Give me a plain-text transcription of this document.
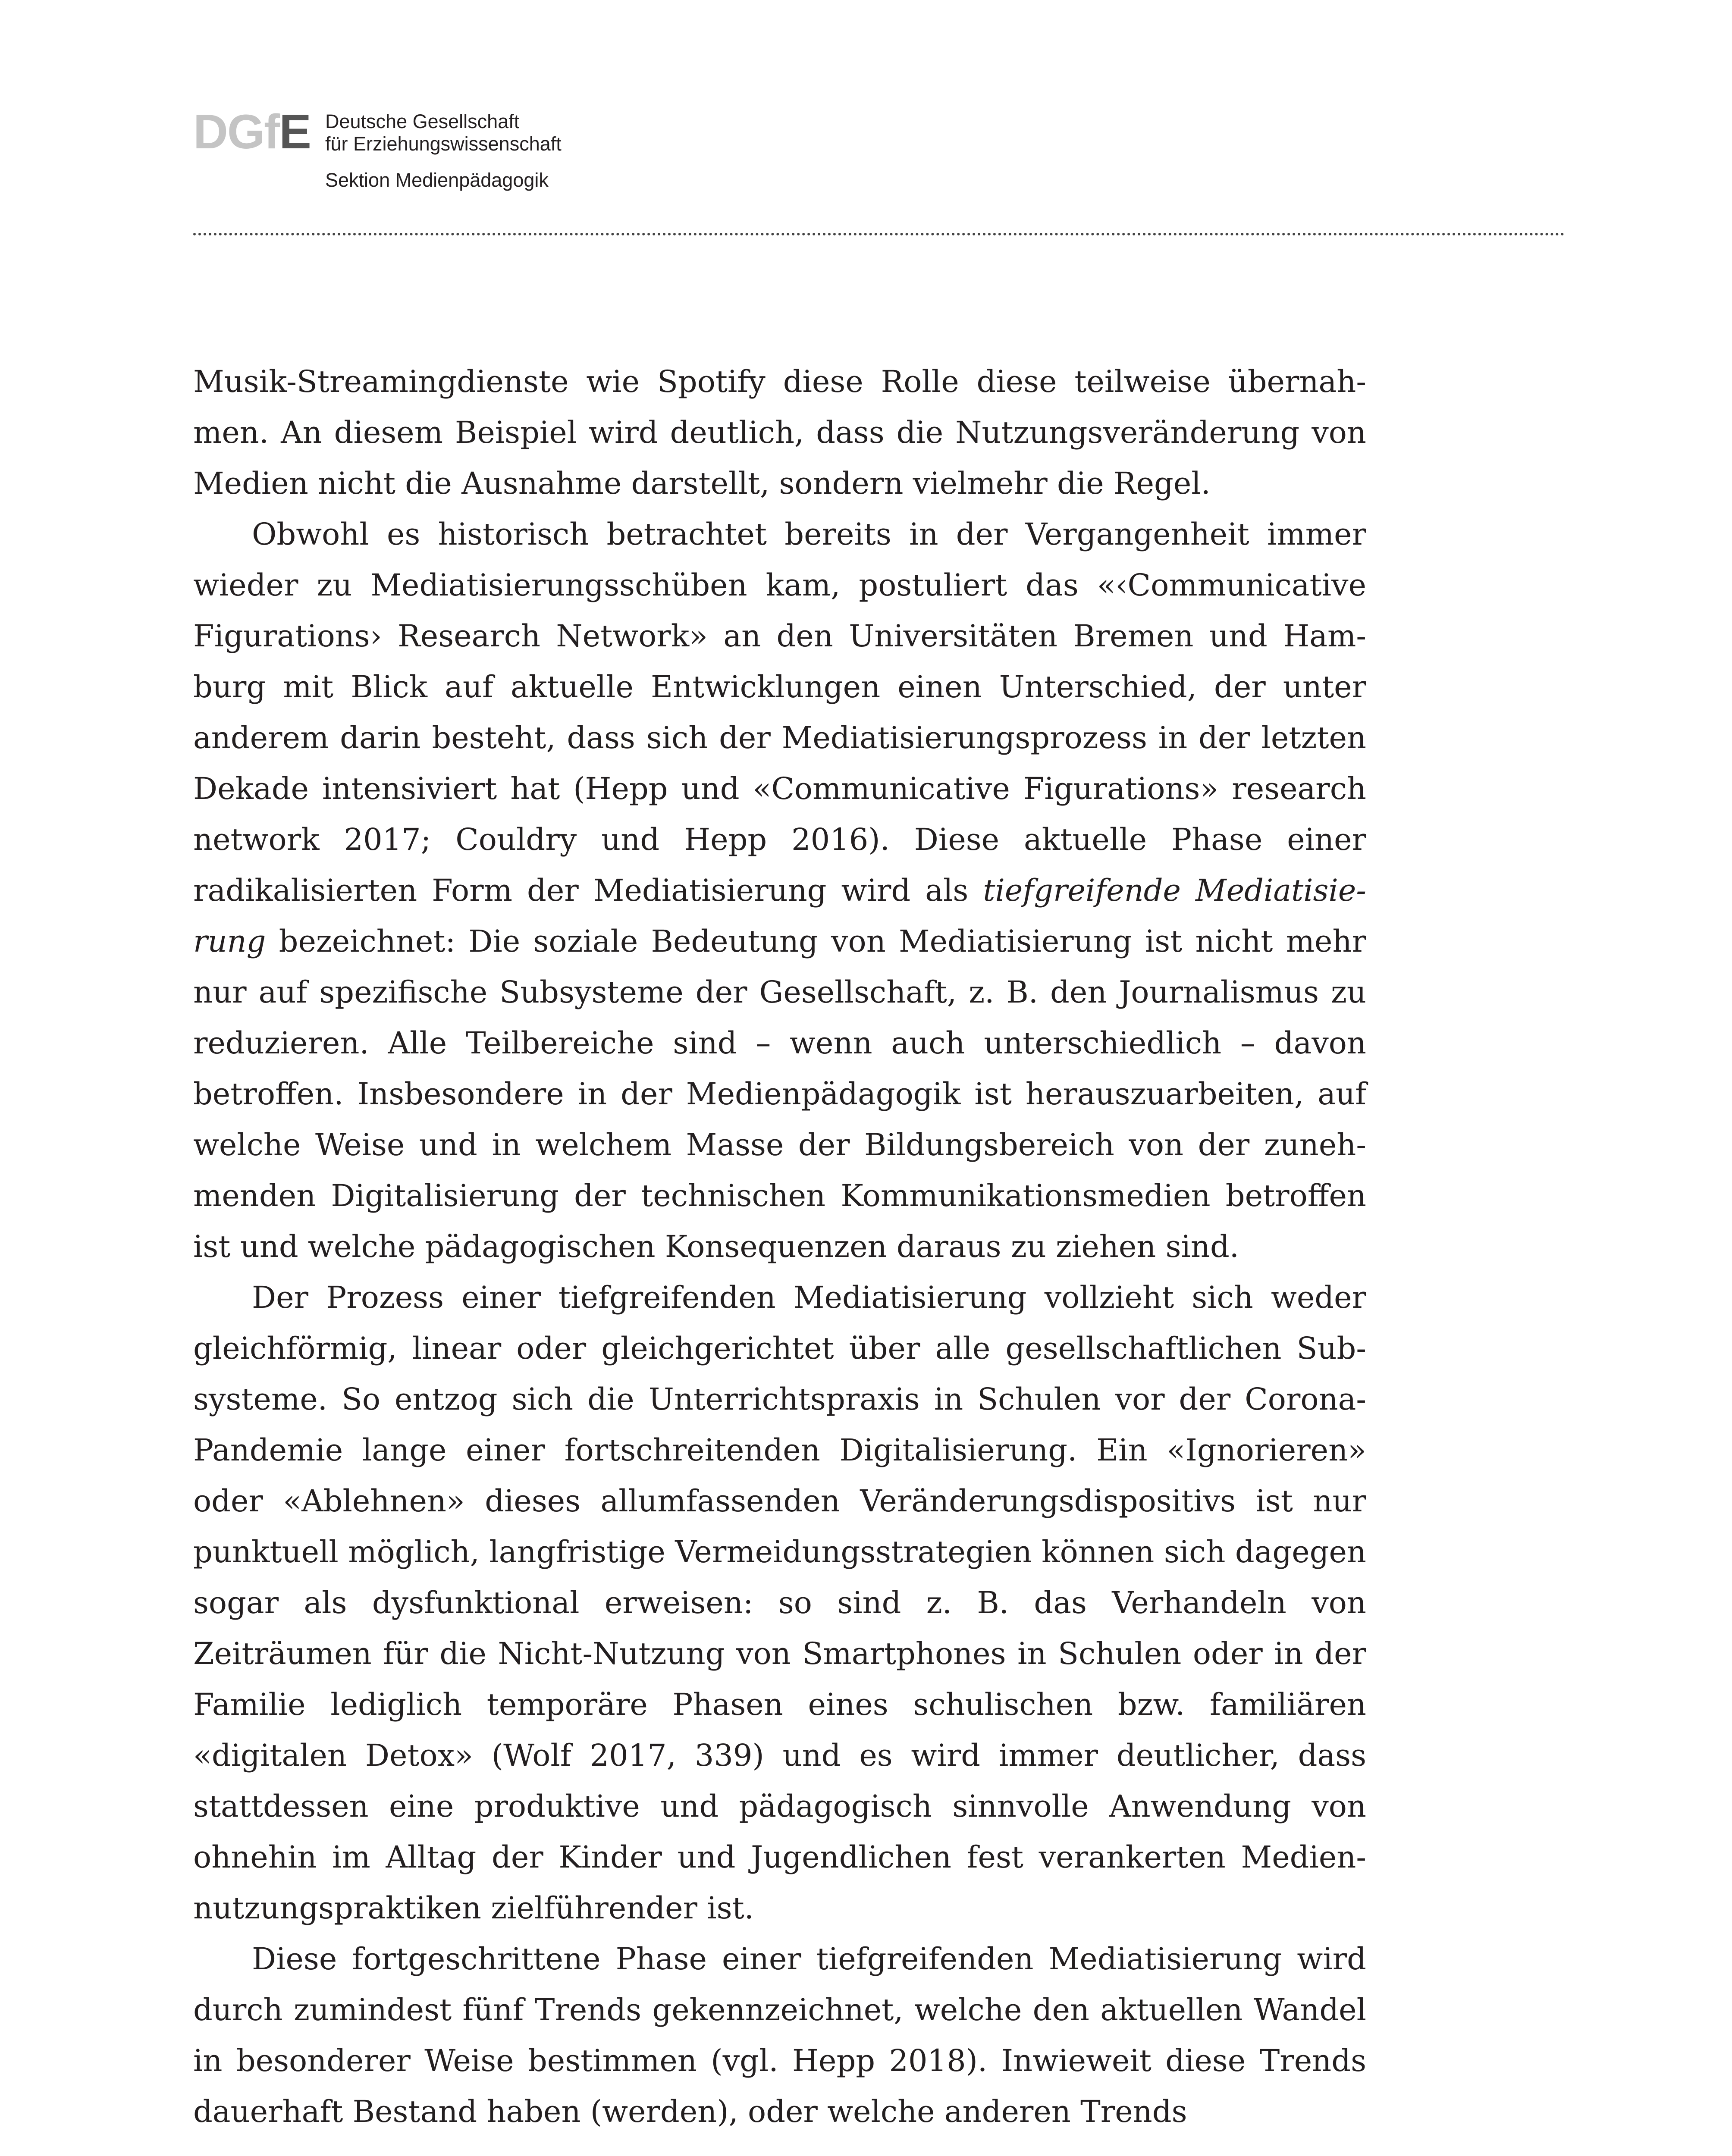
DGfE Deutsche Gesellschaft
für Erziehungswissenschaft
Sektion Medienpädagogik

Musik-Streamingdienste wie Spotify diese Rolle diese teilweise übernahmen. An diesem Beispiel wird deutlich, dass die Nutzungsveränderung von Medien nicht die Ausnahme darstellt, sondern vielmehr die Regel.

Obwohl es historisch betrachtet bereits in der Vergangenheit immer wieder zu Mediatisierungsschüben kam, postuliert das «‹Communicative Figurations› Research Network» an den Universitäten Bremen und Hamburg mit Blick auf aktuelle Entwicklungen einen Unterschied, der unter anderem darin besteht, dass sich der Mediatisierungsprozess in der letzten Dekade intensiviert hat (Hepp und «Communicative Figurations» research network 2017; Couldry und Hepp 2016). Diese aktuelle Phase einer radikalisierten Form der Mediatisierung wird als tiefgreifende Mediatisierung bezeichnet: Die soziale Bedeutung von Mediatisierung ist nicht mehr nur auf spezifische Subsysteme der Gesellschaft, z. B. den Journalismus zu reduzieren. Alle Teilbereiche sind – wenn auch unterschiedlich – davon betroffen. Insbesondere in der Medienpädagogik ist herauszuarbeiten, auf welche Weise und in welchem Masse der Bildungsbereich von der zunehmenden Digitalisierung der technischen Kommunikationsmedien betroffen ist und welche pädagogischen Konsequenzen daraus zu ziehen sind.

Der Prozess einer tiefgreifenden Mediatisierung vollzieht sich weder gleichförmig, linear oder gleichgerichtet über alle gesellschaftlichen Subsysteme. So entzog sich die Unterrichtspraxis in Schulen vor der Corona-Pandemie lange einer fortschreitenden Digitalisierung. Ein «Ignorieren» oder «Ablehnen» dieses allumfassenden Veränderungsdispositivs ist nur punktuell möglich, langfristige Vermeidungsstrategien können sich dagegen sogar als dysfunktional erweisen: so sind z. B. das Verhandeln von Zeiträumen für die Nicht-Nutzung von Smartphones in Schulen oder in der Familie lediglich temporäre Phasen eines schulischen bzw. familiären «digitalen Detox» (Wolf 2017, 339) und es wird immer deutlicher, dass stattdessen eine produktive und pädagogisch sinnvolle Anwendung von ohnehin im Alltag der Kinder und Jugendlichen fest verankerten Mediennutzungspraktiken zielführender ist.

Diese fortgeschrittene Phase einer tiefgreifenden Mediatisierung wird durch zumindest fünf Trends gekennzeichnet, welche den aktuellen Wandel in besonderer Weise bestimmen (vgl. Hepp 2018). Inwieweit diese Trends dauerhaft Bestand haben (werden), oder welche anderen Trends
